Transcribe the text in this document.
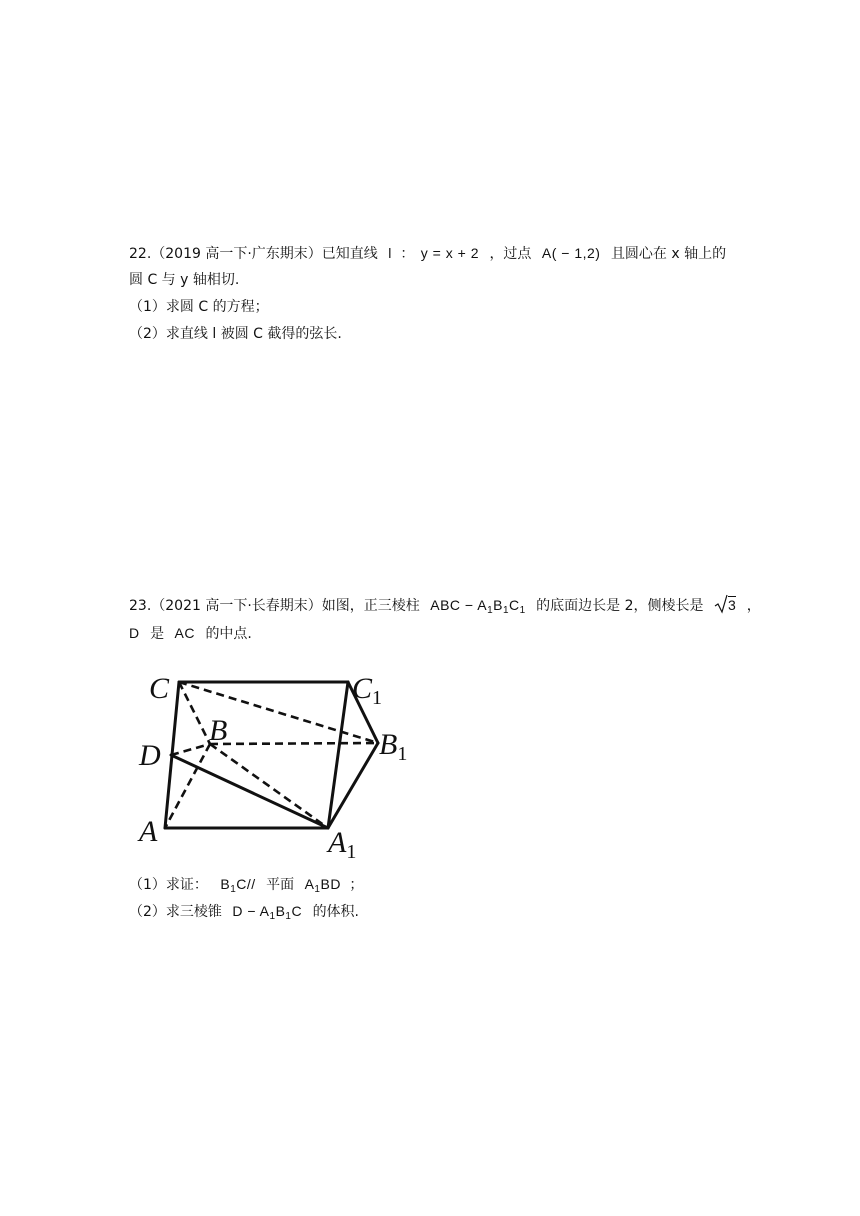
22.（2019 高一下·广东期末）已知直线 l ： y = x + 2 ，过点 A( − 1,2) 且圆心在 x 轴上的
圆 C 与 y 轴相切.
（1）求圆 C 的方程；
（2）求直线 l 被圆 C 截得的弦长.
23.（2021 高一下·长春期末）如图，正三棱柱 ABC − $A_1B_1C_1$ 的底面边长是 2，侧棱长是 3 ，
D 是 AC 的中点.
C	$C_1$
B
D	$B_1$
A	$A_1$
（1）求证： $B_1C//$ 平面 $A_1BD$ ；
（2）求三棱锥 $D - A_1B_1C$ 的体积.
